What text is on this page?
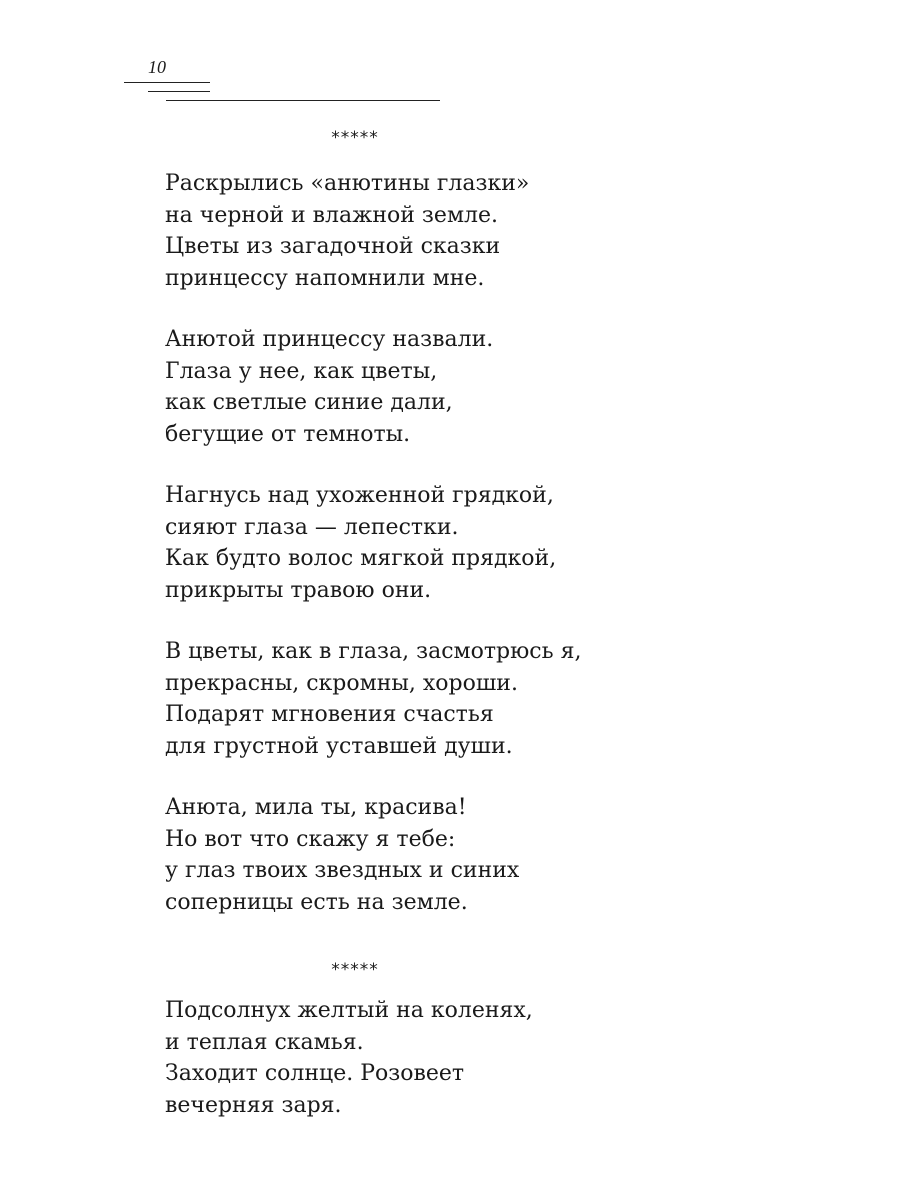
10
*****
Раскрылись «анютины глазки»
на черной и влажной земле.
Цветы из загадочной сказки
принцессу напомнили мне.
Анютой принцессу назвали.
Глаза у нее, как цветы,
как светлые синие дали,
бегущие от темноты.
Нагнусь над ухоженной грядкой,
сияют глаза — лепестки.
Как будто волос мягкой прядкой,
прикрыты травою они.
В цветы, как в глаза, засмотрюсь я,
прекрасны, скромны, хороши.
Подарят мгновения счастья
для грустной уставшей души.
Анюта, мила ты, красива!
Но вот что скажу я тебе:
у глаз твоих звездных и синих
соперницы есть на земле.
*****
Подсолнух желтый на коленях,
и теплая скамья.
Заходит солнце. Розовеет
вечерняя заря.
